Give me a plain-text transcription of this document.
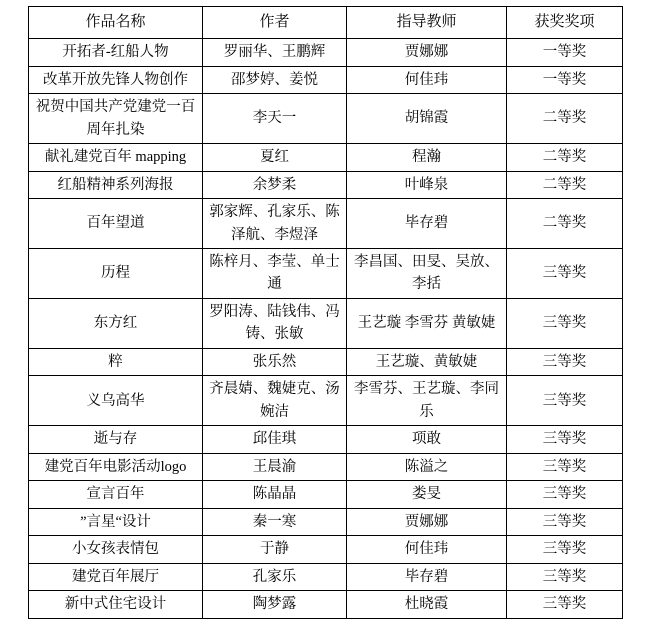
作品名称	作者	指导教师	获奖奖项
开拓者-红船人物	罗丽华、王鹏辉	贾娜娜	一等奖
改革开放先锋人物创作	邵梦婷、姜悦	何佳玮	一等奖
祝贺中国共产党建党一百周年扎染	李天一	胡锦霞	二等奖
献礼建党百年 mapping	夏红	程瀚	二等奖
红船精神系列海报	余梦柔	叶峰泉	二等奖
百年望道	郭家辉、孔家乐、陈泽航、李煜泽	毕存碧	二等奖
历程	陈梓月、李莹、单士通	李昌国、田旻、吴放、李括	三等奖
东方红	罗阳涛、陆钱伟、冯铸、张敏	王艺璇 李雪芬 黄敏婕	三等奖
粹	张乐然	王艺璇、黄敏婕	三等奖
义乌高华	齐晨婧、魏婕克、汤婉洁	李雪芬、王艺璇、李同乐	三等奖
逝与存	邱佳琪	项敢	三等奖
建党百年电影活动logo	王晨渝	陈溢之	三等奖
宣言百年	陈晶晶	娄旻	三等奖
”言星“设计	秦一寒	贾娜娜	三等奖
小女孩表情包	于静	何佳玮	三等奖
建党百年展厅	孔家乐	毕存碧	三等奖
新中式住宅设计	陶梦露	杜晓霞	三等奖
